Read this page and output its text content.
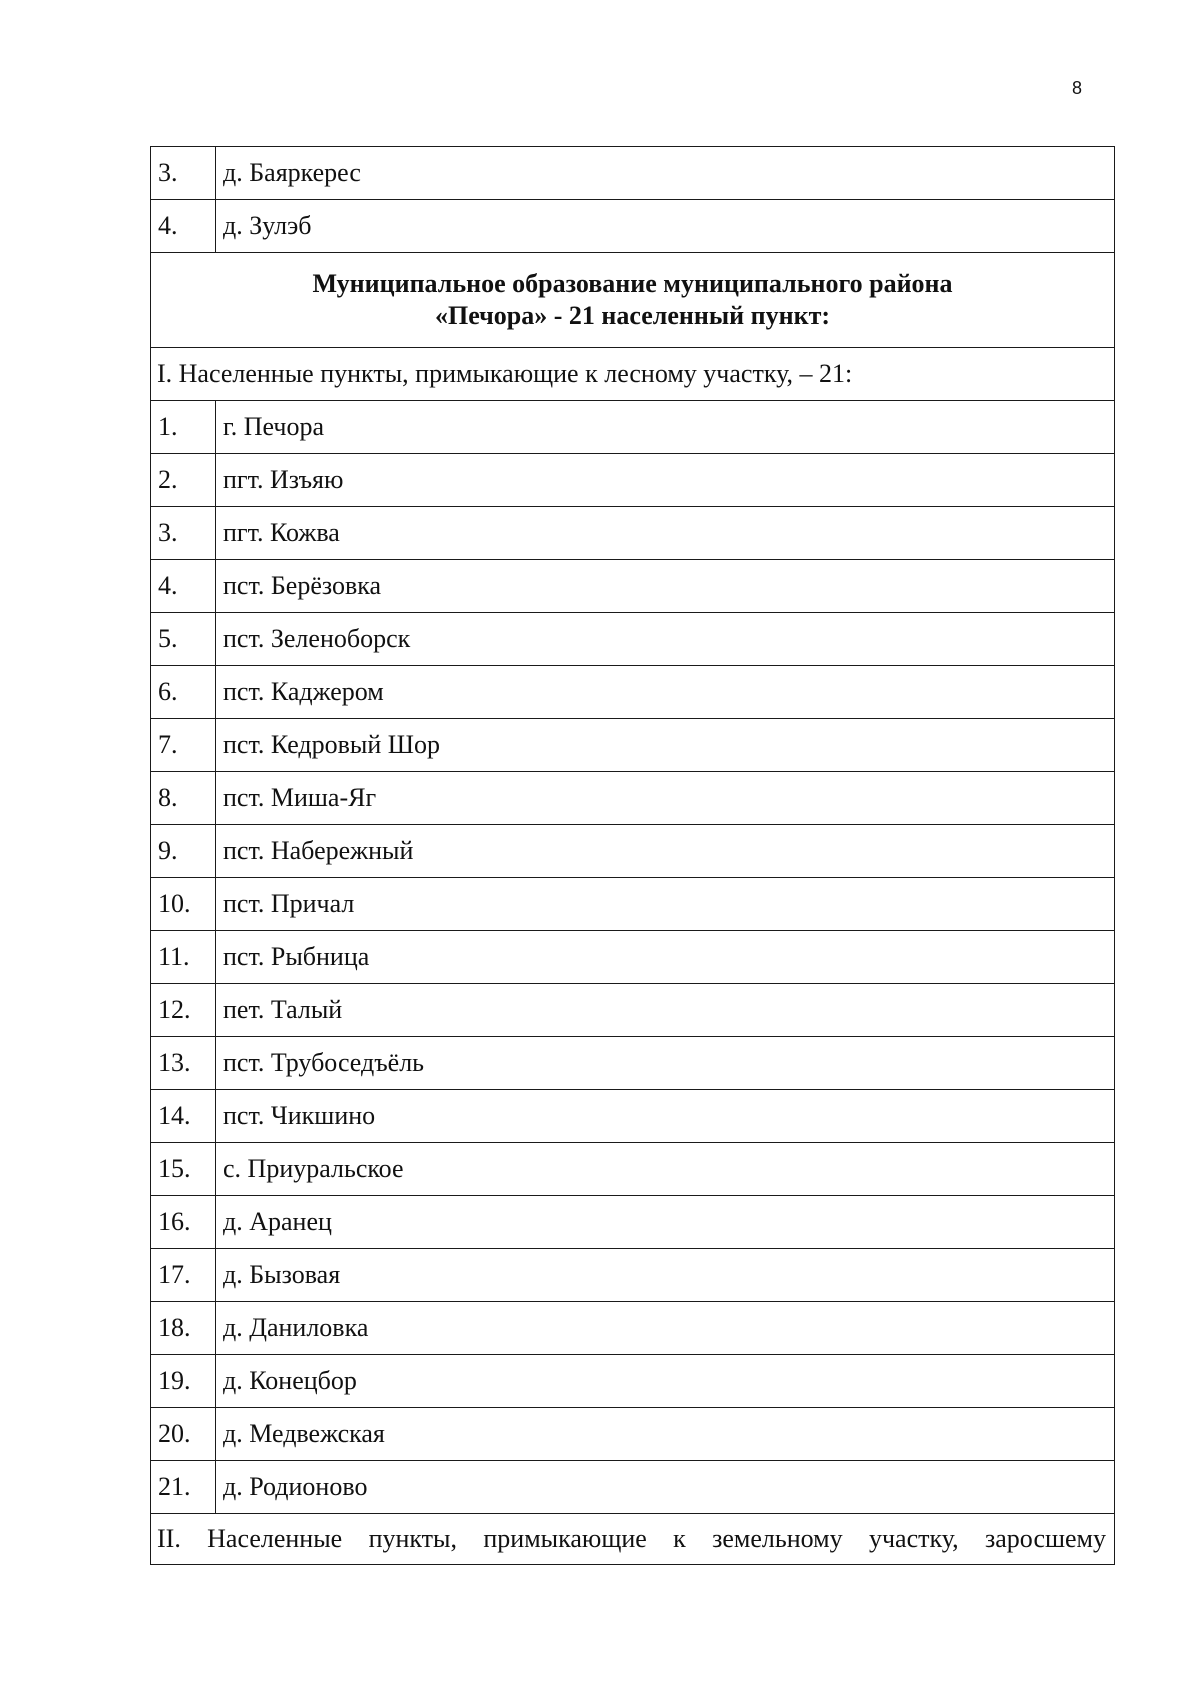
8
3.	д. Баяркерес
4.	д. Зулэб

Муниципальное образование муниципального района
«Печора» - 21 населенный пункт:	

I. Населенные пункты, примыкающие к лесному участку, – 21:	
1.	г. Печора
2.	пгт. Изъяю
3.	пгт. Кожва
4.	пст. Берёзовка
5.	пст. Зеленоборск
6.	пст. Каджером
7.	пст. Кедровый Шор
8.	пст. Миша-Яг
9.	пст. Набережный
10.	пст. Причал
11.	пст. Рыбница
12.	пет. Талый
13.	пст. Трубоседъёль
14.	пст. Чикшино
15.	с. Приуральское
16.	д. Аранец
17.	д. Бызовая
18.	д. Даниловка
19.	д. Конецбор
20.	д. Медвежская
21.	д. Родионово
II. Населенные пункты, примыкающие к земельному участку, заросшему	
